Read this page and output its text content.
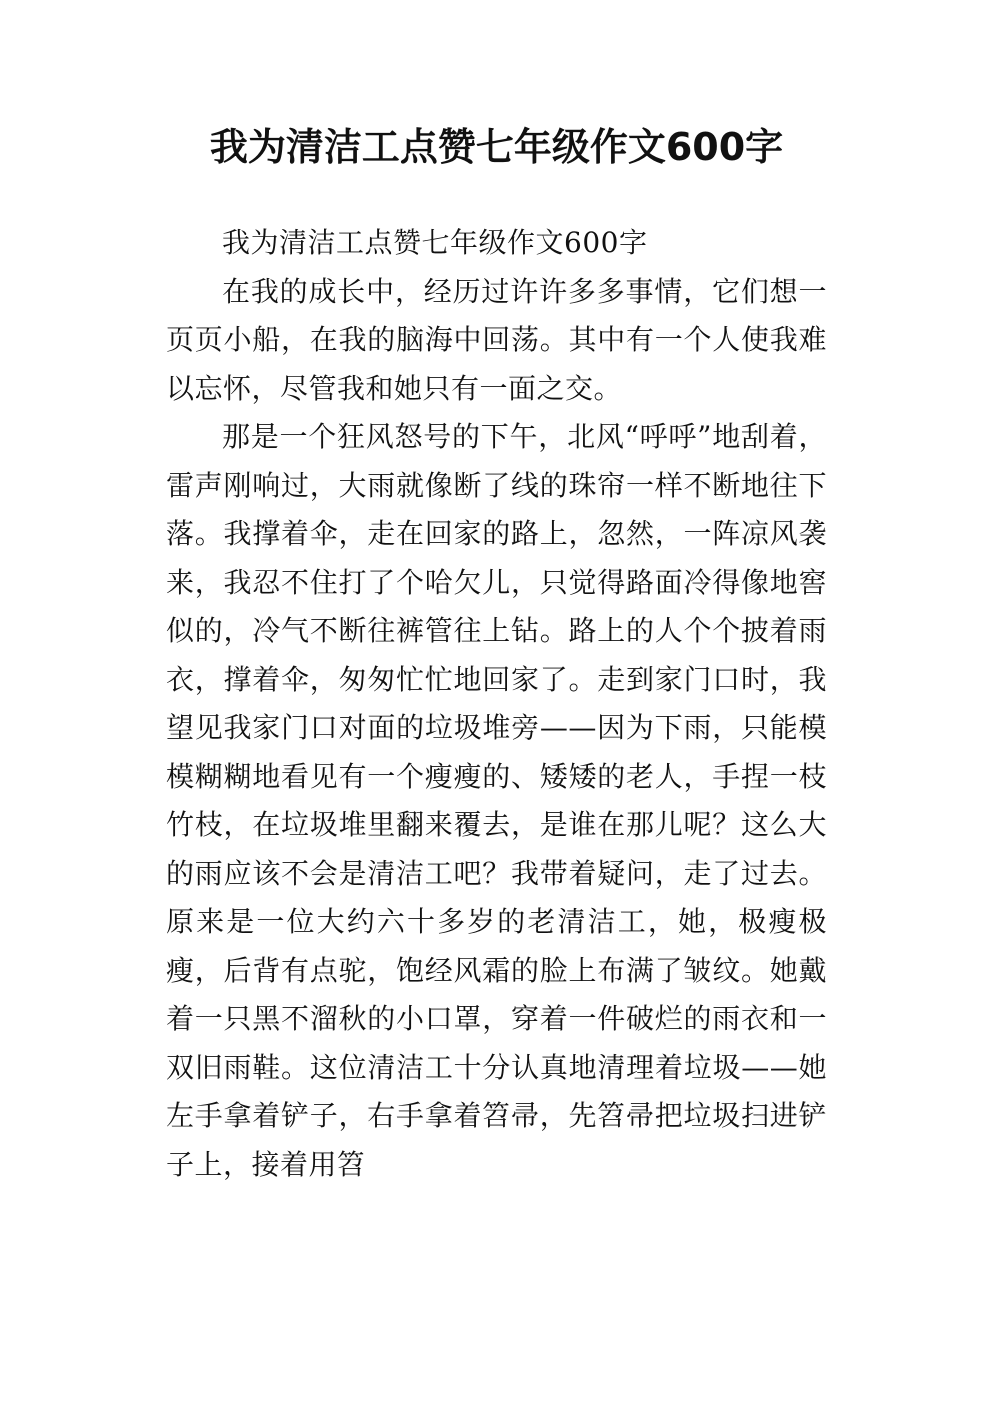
我为清洁工点赞七年级作文600字

我为清洁工点赞七年级作文600字

在我的成长中，经历过许许多多事情，它们想一页页小船，在我的脑海中回荡。其中有一个人使我难以忘怀，尽管我和她只有一面之交。

那是一个狂风怒号的下午，北风“呼呼”地刮着，雷声刚响过，大雨就像断了线的珠帘一样不断地往下落。我撑着伞，走在回家的路上，忽然，一阵凉风袭来，我忍不住打了个哈欠儿，只觉得路面冷得像地窖似的，冷气不断往裤管往上钻。路上的人个个披着雨衣，撑着伞，匆匆忙忙地回家了。走到家门口时，我望见我家门口对面的垃圾堆旁——因为下雨，只能模模糊糊地看见有一个瘦瘦的、矮矮的老人，手捏一枝竹枝，在垃圾堆里翻来覆去，是谁在那儿呢？这么大的雨应该不会是清洁工吧？我带着疑问，走了过去。原来是一位大约六十多岁的老清洁工，她，极瘦极瘦，后背有点驼，饱经风霜的脸上布满了皱纹。她戴着一只黑不溜秋的小口罩，穿着一件破烂的雨衣和一双旧雨鞋。这位清洁工十分认真地清理着垃圾——她左手拿着铲子，右手拿着笤帚，先笤帚把垃圾扫进铲子上，接着用笤
